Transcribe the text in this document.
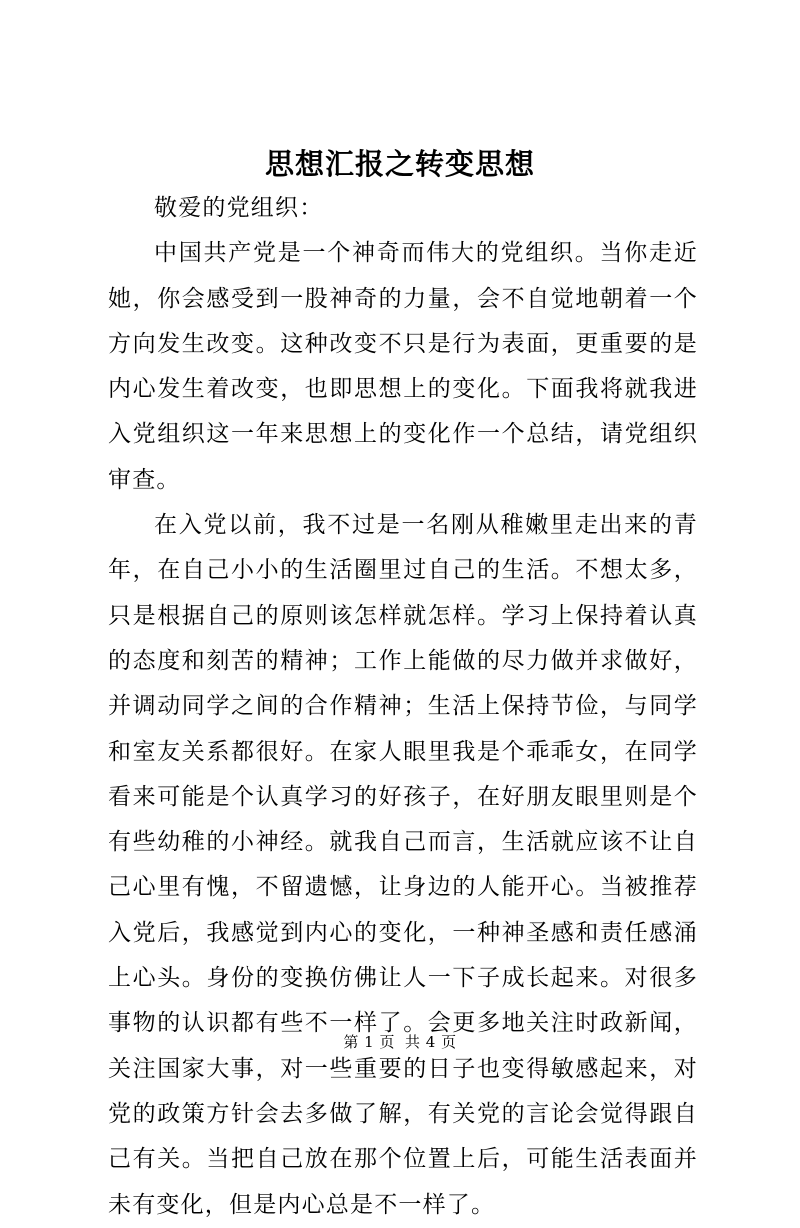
思想汇报之转变思想

敬爱的党组织：

中国共产党是一个神奇而伟大的党组织。当你走近她，你会感受到一股神奇的力量，会不自觉地朝着一个方向发生改变。这种改变不只是行为表面，更重要的是内心发生着改变，也即思想上的变化。下面我将就我进入党组织这一年来思想上的变化作一个总结，请党组织审查。

在入党以前，我不过是一名刚从稚嫩里走出来的青年，在自己小小的生活圈里过自己的生活。不想太多，只是根据自己的原则该怎样就怎样。学习上保持着认真的态度和刻苦的精神；工作上能做的尽力做并求做好，并调动同学之间的合作精神；生活上保持节俭，与同学和室友关系都很好。在家人眼里我是个乖乖女，在同学看来可能是个认真学习的好孩子，在好朋友眼里则是个有些幼稚的小神经。就我自己而言，生活就应该不让自己心里有愧，不留遗憾，让身边的人能开心。当被推荐入党后，我感觉到内心的变化，一种神圣感和责任感涌上心头。身份的变换仿佛让人一下子成长起来。对很多事物的认识都有些不一样了。会更多地关注时政新闻，关注国家大事，对一些重要的日子也变得敏感起来，对党的政策方针会去多做了解，有关党的言论会觉得跟自己有关。当把自己放在那个位置上后，可能生活表面并未有变化，但是内心总是不一样了。

第 1 页 共 4 页
